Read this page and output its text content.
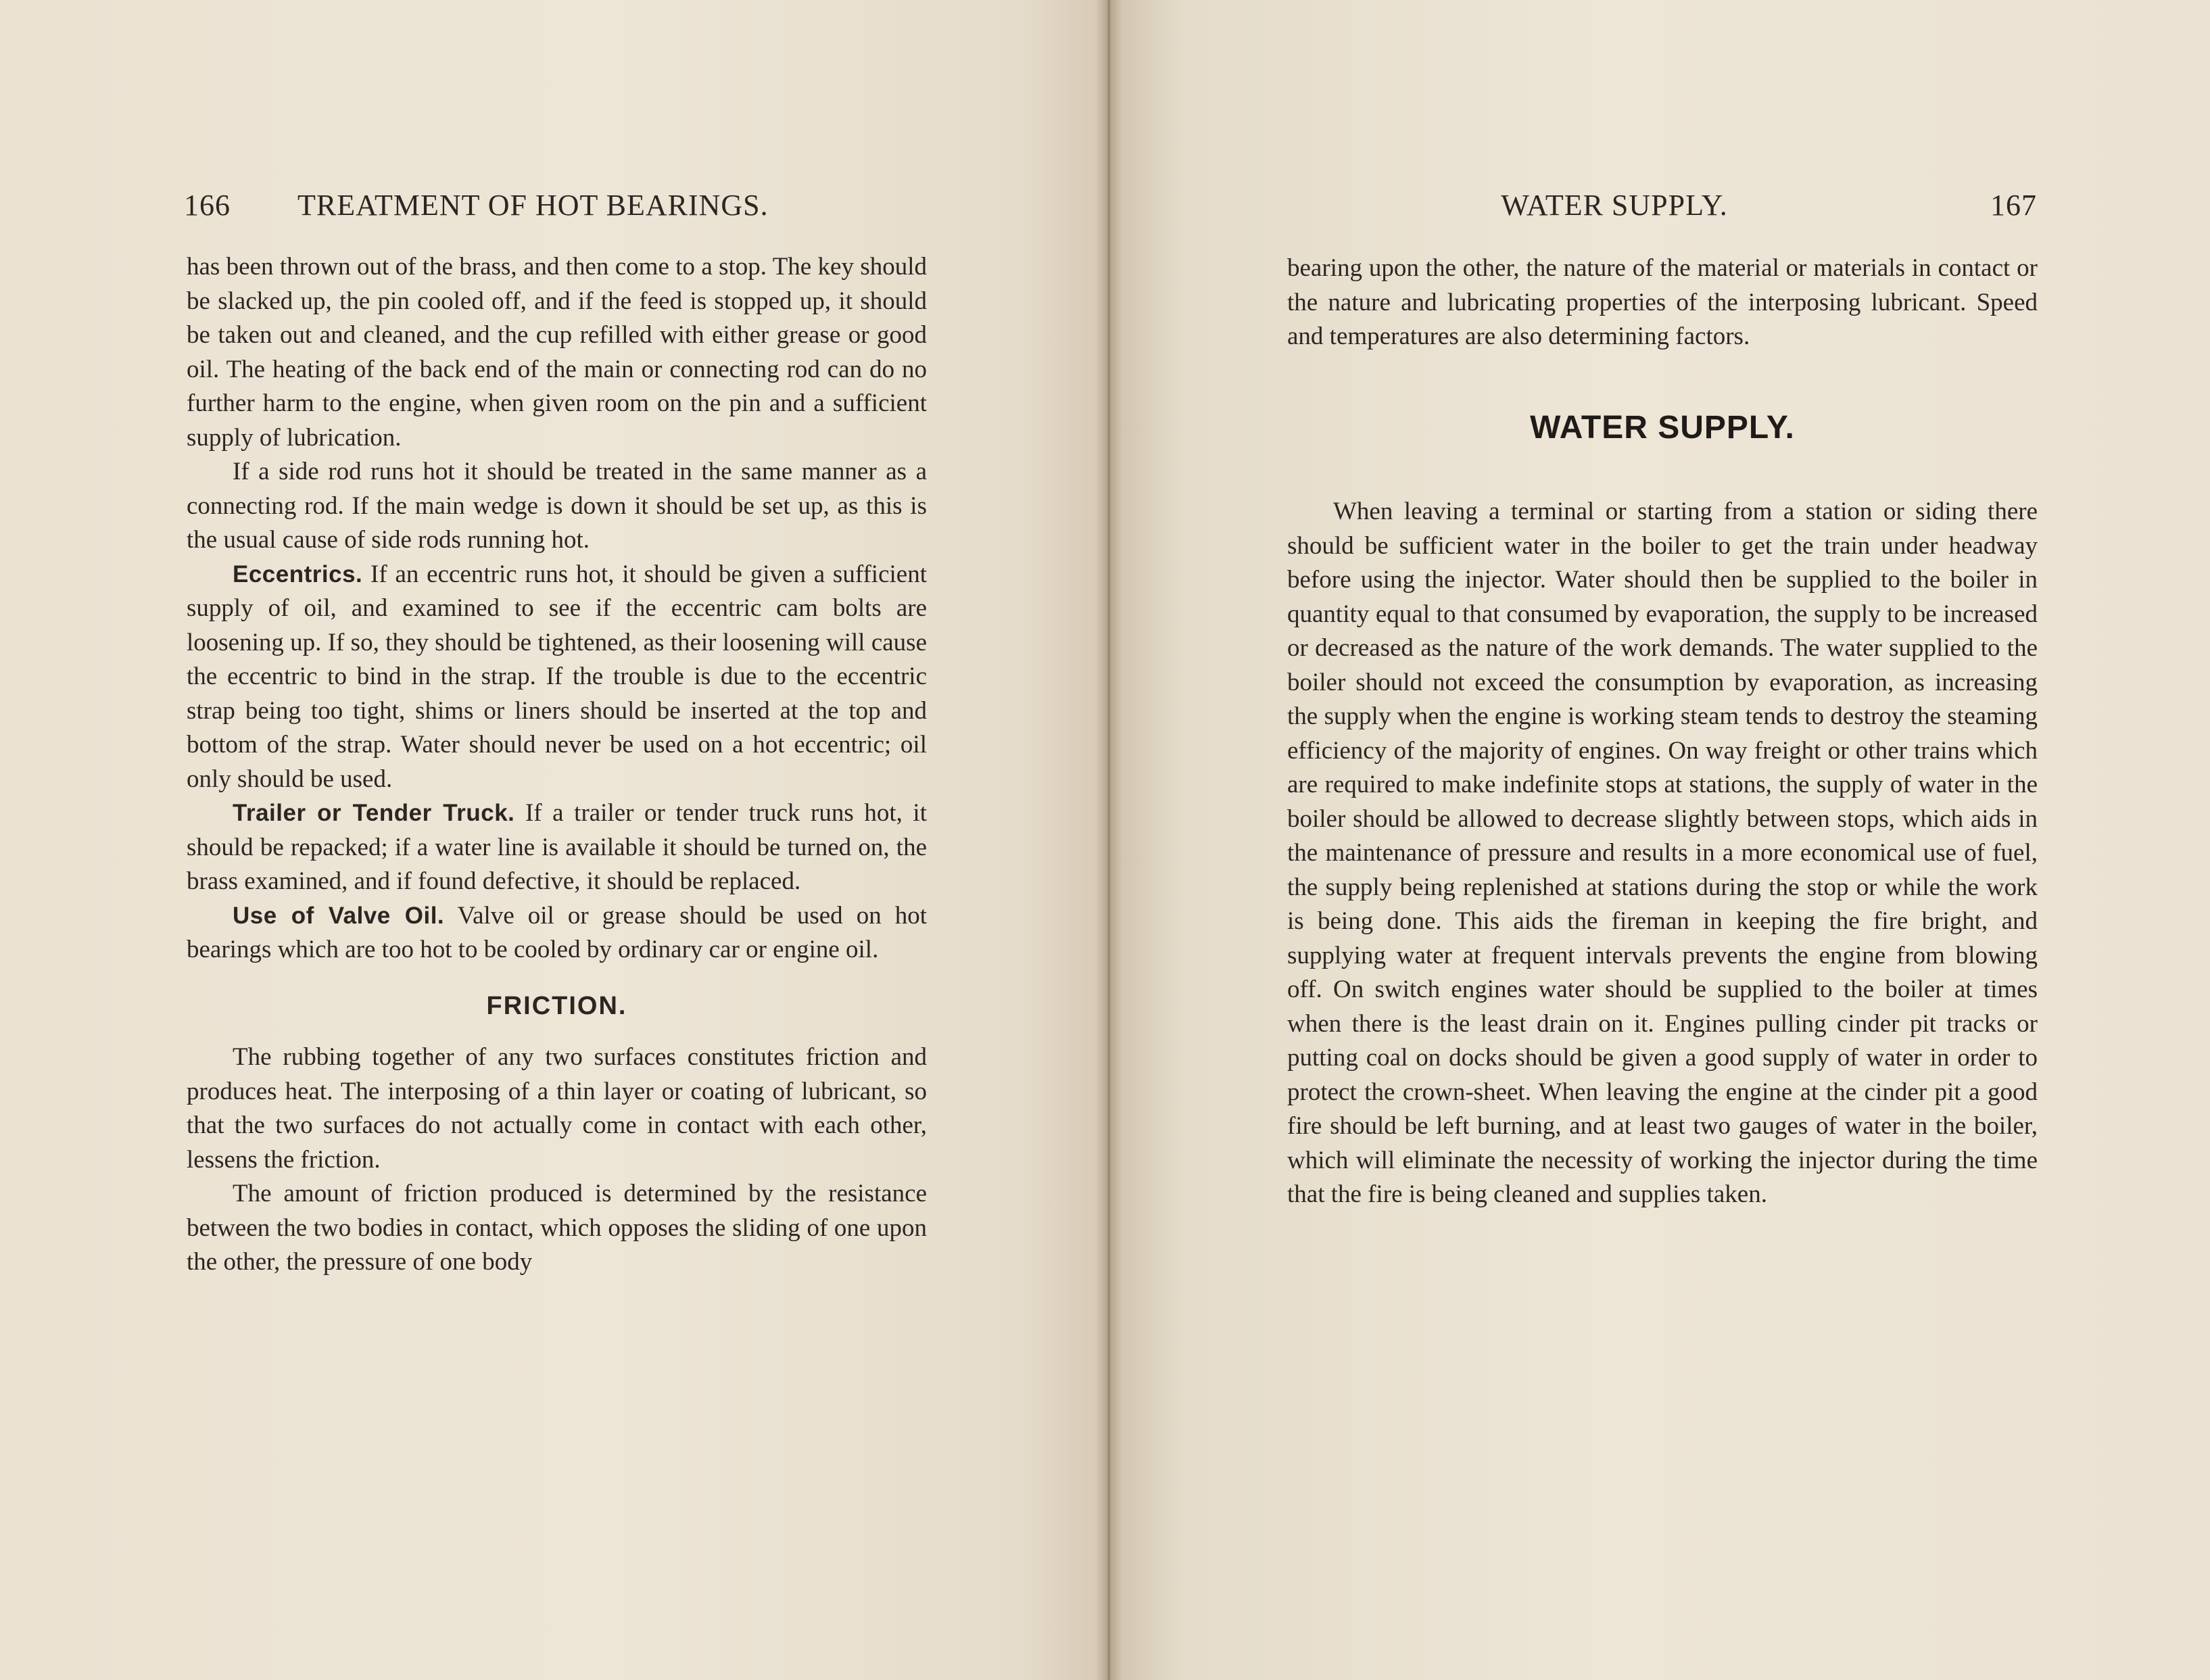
166 TREATMENT OF HOT BEARINGS.

has been thrown out of the brass, and then come to a stop. The key should be slacked up, the pin cooled off, and if the feed is stopped up, it should be taken out and cleaned, and the cup refilled with either grease or good oil. The heating of the back end of the main or connecting rod can do no further harm to the engine, when given room on the pin and a sufficient supply of lubrication.

If a side rod runs hot it should be treated in the same manner as a connecting rod. If the main wedge is down it should be set up, as this is the usual cause of side rods running hot.

Eccentrics. If an eccentric runs hot, it should be given a sufficient supply of oil, and examined to see if the eccentric cam bolts are loosening up. If so, they should be tightened, as their loosening will cause the eccentric to bind in the strap. If the trouble is due to the eccentric strap being too tight, shims or liners should be inserted at the top and bottom of the strap. Water should never be used on a hot eccentric; oil only should be used.

Trailer or Tender Truck. If a trailer or tender truck runs hot, it should be repacked; if a water line is available it should be turned on, the brass examined, and if found defective, it should be replaced.

Use of Valve Oil. Valve oil or grease should be used on hot bearings which are too hot to be cooled by ordinary car or engine oil.

FRICTION.

The rubbing together of any two surfaces constitutes friction and produces heat. The interposing of a thin layer or coating of lubricant, so that the two surfaces do not actually come in contact with each other, lessens the friction.

The amount of friction produced is determined by the resistance between the two bodies in contact, which opposes the sliding of one upon the other, the pressure of one body

WATER SUPPLY.	167

bearing upon the other, the nature of the material or materials in contact or the nature and lubricating properties of the interposing lubricant. Speed and temperatures are also determining factors.

WATER SUPPLY.

When leaving a terminal or starting from a station or siding there should be sufficient water in the boiler to get the train under headway before using the injector. Water should then be supplied to the boiler in quantity equal to that consumed by evaporation, the supply to be increased or decreased as the nature of the work demands. The water supplied to the boiler should not exceed the consumption by evaporation, as increasing the supply when the engine is working steam tends to destroy the steaming efficiency of the majority of engines. On way freight or other trains which are required to make indefinite stops at stations, the supply of water in the boiler should be allowed to decrease slightly between stops, which aids in the maintenance of pressure and results in a more economical use of fuel, the supply being replenished at stations during the stop or while the work is being done. This aids the fireman in keeping the fire bright, and supplying water at frequent intervals prevents the engine from blowing off. On switch engines water should be supplied to the boiler at times when there is the least drain on it. Engines pulling cinder pit tracks or putting coal on docks should be given a good supply of water in order to protect the crown-sheet. When leaving the engine at the cinder pit a good fire should be left burning, and at least two gauges of water in the boiler, which will eliminate the necessity of working the injector during the time that the fire is being cleaned and supplies taken.
